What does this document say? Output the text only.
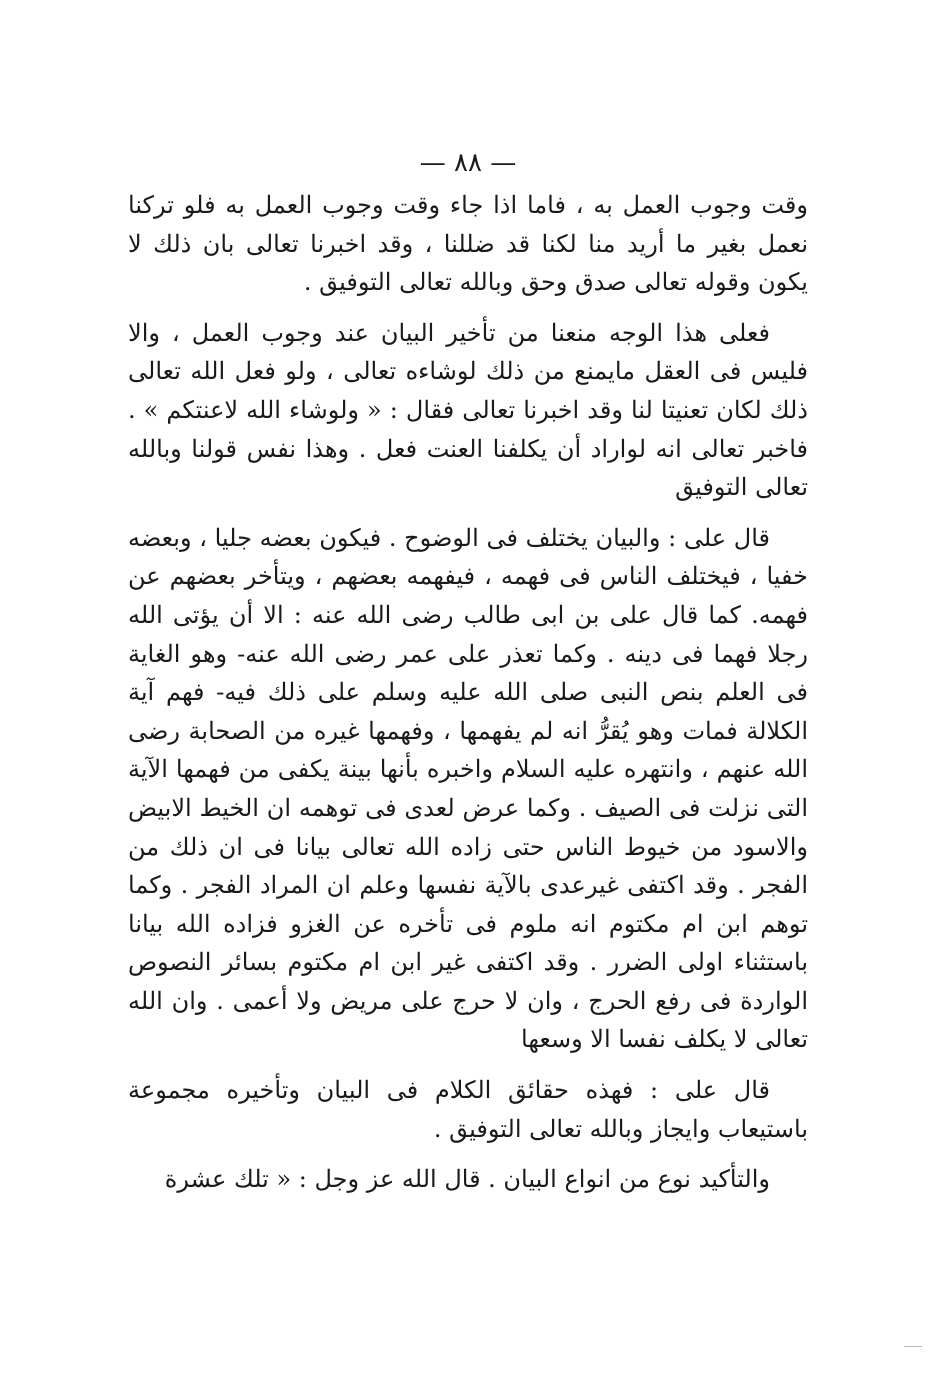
— ٨٨ —

وقت وجوب العمل به ، فاما اذا جاء وقت وجوب العمل به فلو تركنا نعمل بغير ما أريد منا لكنا قد ضللنا ، وقد اخبرنا تعالى بان ذلك لا يكون وقوله تعالى صدق وحق وبالله تعالى التوفيق .

فعلى هذا الوجه منعنا من تأخير البيان عند وجوب العمل ، والا فليس فى العقل مايمنع من ذلك لوشاءه تعالى ، ولو فعل الله تعالى ذلك لكان تعنيتا لنا وقد اخبرنا تعالى فقال : « ولوشاء الله لاعنتكم » . فاخبر تعالى انه لواراد أن يكلفنا العنت فعل . وهذا نفس قولنا وبالله تعالى التوفيق

قال على : والبيان يختلف فى الوضوح . فيكون بعضه جليا ، وبعضه خفيا ، فيختلف الناس فى فهمه ، فيفهمه بعضهم ، ويتأخر بعضهم عن فهمه. كما قال على بن ابى طالب رضى الله عنه : الا أن يؤتى الله رجلا فهما فى دينه . وكما تعذر على عمر رضى الله عنه- وهو الغاية فى العلم بنص النبى صلى الله عليه وسلم على ذلك فيه- فهم آية الكلالة فمات وهو يُقرُّ انه لم يفهمها ، وفهمها غيره من الصحابة رضى الله عنهم ، وانتهره عليه السلام واخبره بأنها بينة يكفى من فهمها الآية التى نزلت فى الصيف . وكما عرض لعدى فى توهمه ان الخيط الابيض والاسود من خيوط الناس حتى زاده الله تعالى بيانا فى ان ذلك من الفجر . وقد اكتفى غيرعدى بالآية نفسها وعلم ان المراد الفجر . وكما توهم ابن ام مكتوم انه ملوم فى تأخره عن الغزو فزاده الله بيانا باستثناء اولى الضرر . وقد اكتفى غير ابن ام مكتوم بسائر النصوص الواردة فى رفع الحرج ، وان لا حرج على مريض ولا أعمى . وان الله تعالى لا يكلف نفسا الا وسعها

قال على : فهذه حقائق الكلام فى البيان وتأخيره مجموعة باستيعاب وايجاز وبالله تعالى التوفيق .

والتأكيد نوع من انواع البيان . قال الله عز وجل : « تلك عشرة
